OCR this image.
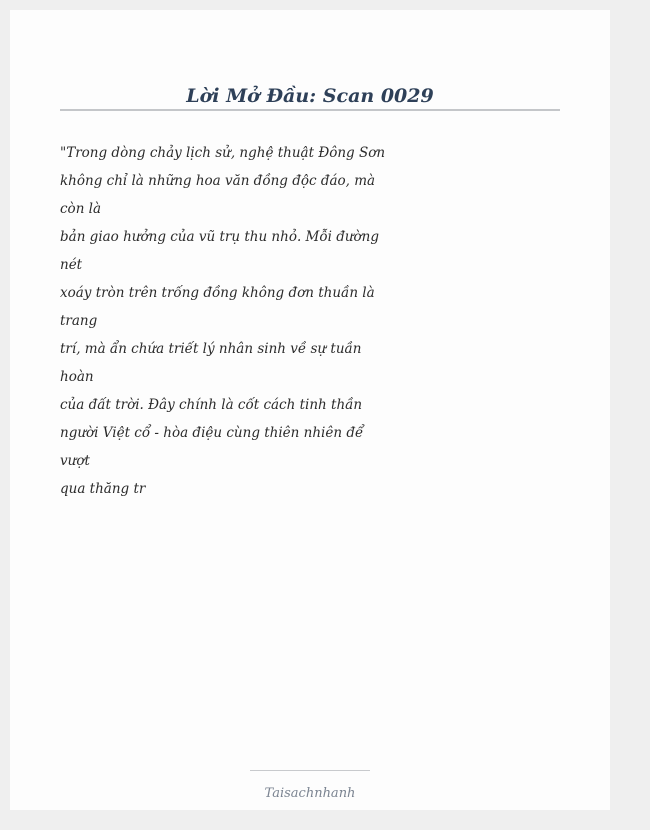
Lời Mở Đầu: Scan 0029
"Trong dòng chảy lịch sử, nghệ thuật Đông Sơn
không chỉ là những hoa văn đồng độc đáo, mà
còn là
bản giao hưởng của vũ trụ thu nhỏ. Mỗi đường
nét
xoáy tròn trên trống đồng không đơn thuần là
trang
trí, mà ẩn chứa triết lý nhân sinh về sự tuần
hoàn
của đất trời. Đây chính là cốt cách tinh thần
người Việt cổ - hòa điệu cùng thiên nhiên để
vượt
qua thăng tr
Taisachnhanh
